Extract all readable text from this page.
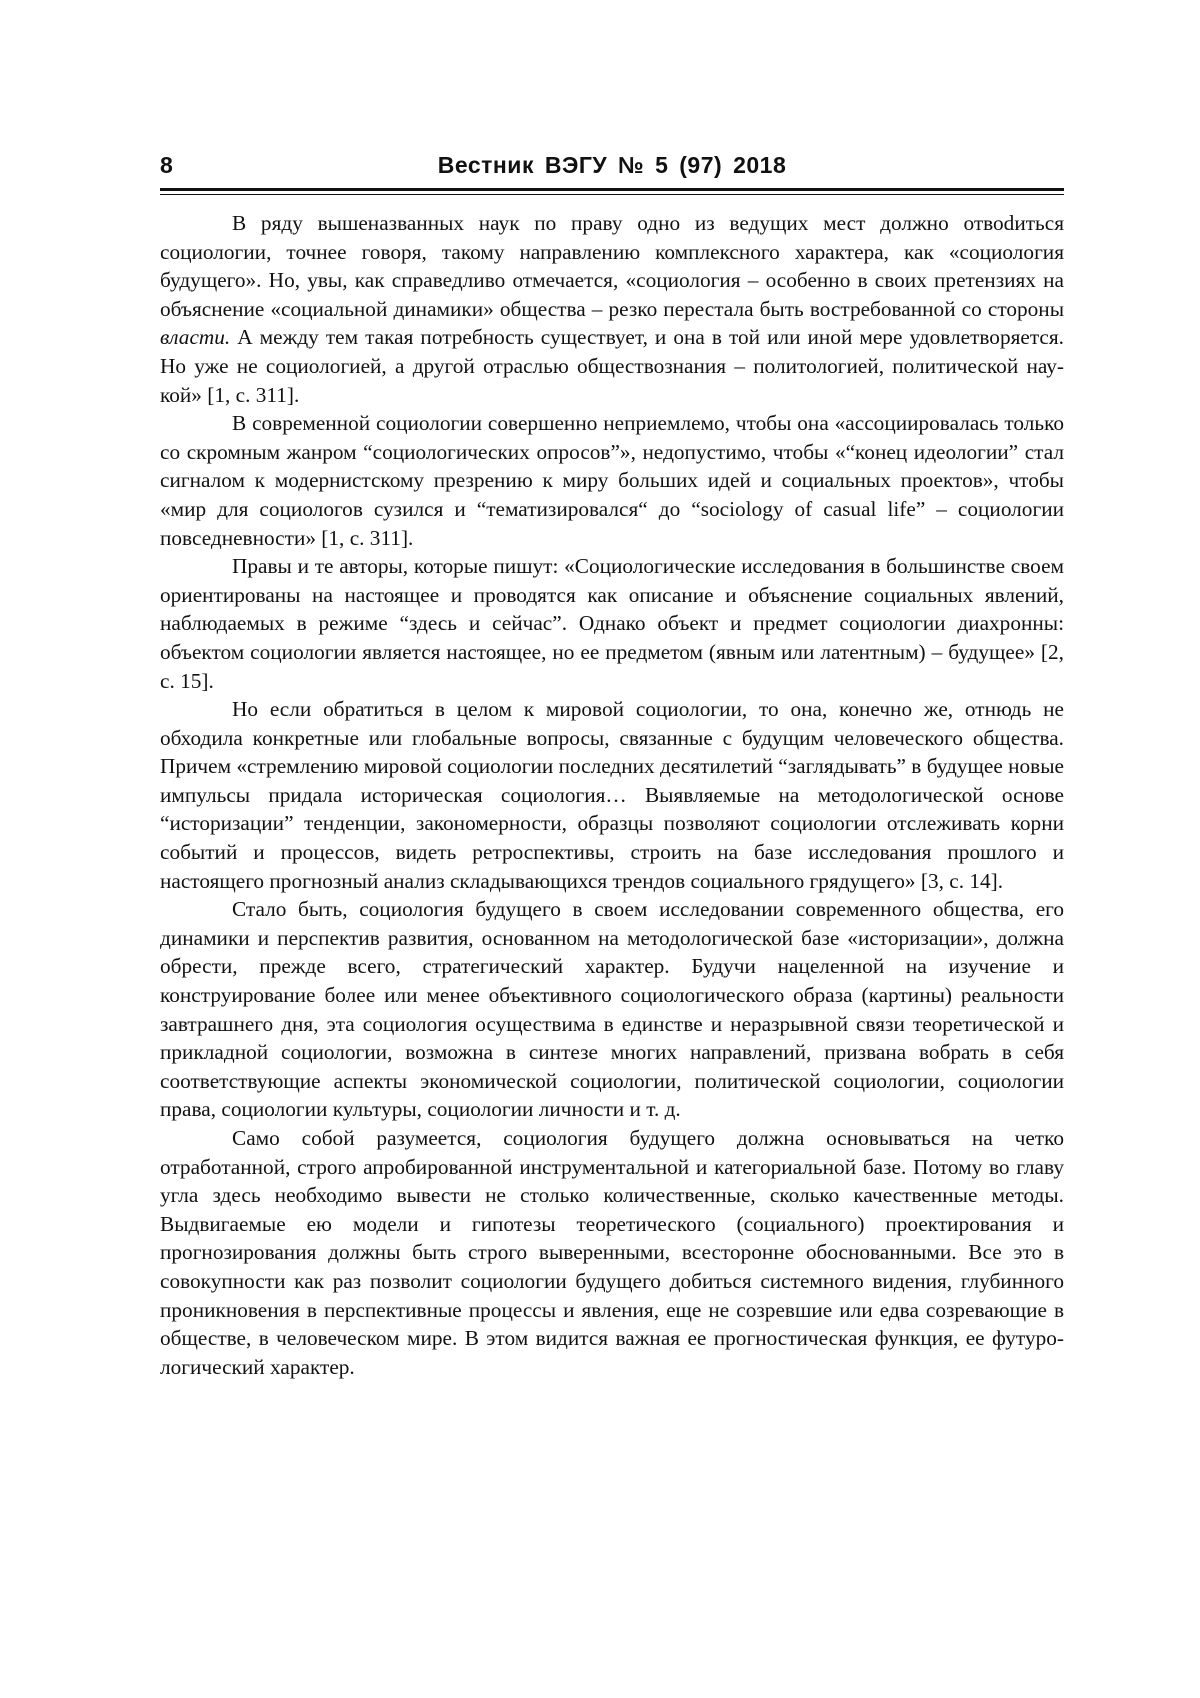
8	Вестник ВЭГУ № 5 (97) 2018

В ряду вышеназванных наук по праву одно из ведущих мест должно отвоdиться социологии, точнее говоря, такому направлению комплексного характера, как «социология будущего». Но, увы, как справедливо отмечается, «социология – особенно в своих претензиях на объяснение «социальной динамики» общества – резко перестала быть востребованной со стороны власти. А между тем такая потребность существует, и она в той или иной мере удовлетворяется. Но уже не социологией, а другой отраслью обществознания – политологией, политической наукой» [1, с. 311].

В современной социологии совершенно неприемлемо, чтобы она «ассоциировалась только со скромным жанром “социологических опросов”», недопустимо, чтобы «“конец идеологии” стал сигналом к модернистскому презрению к миру больших идей и социальных проектов», чтобы «мир для социологов сузился и “тематизировался“ до “sociology of casual life” – социологии повседневности» [1, с. 311].

Правы и те авторы, которые пишут: «Социологические исследования в большинстве своем ориентированы на настоящее и проводятся как описание и объяснение социальных явлений, наблюдаемых в режиме “здесь и сейчас”. Однако объект и предмет социологии диахронны: объектом социологии является настоящее, но ее предметом (явным или латентным) – будущее» [2, с. 15].

Но если обратиться в целом к мировой социологии, то она, конечно же, отнюдь не обходила конкретные или глобальные вопросы, связанные с будущим человеческого общества. Причем «стремлению мировой социологии последних десятилетий “заглядывать” в будущее новые импульсы придала историческая социология… Выявляемые на методологической основе “историзации” тенденции, закономерности, образцы позволяют социологии отслеживать корни событий и процессов, видеть ретроспективы, строить на базе исследования прошлого и настоящего прогнозный анализ складывающихся трендов социального грядущего» [3, с. 14].

Стало быть, социология будущего в своем исследовании современного общества, его динамики и перспектив развития, основанном на методологической базе «историзации», должна обрести, прежде всего, стратегический характер. Будучи нацеленной на изучение и конструирование более или менее объективного социологического образа (картины) реальности завтрашнего дня, эта социология осуществима в единстве и неразрывной связи теоретической и прикладной социологии, возможна в синтезе многих направлений, призвана вобрать в себя соответствующие аспекты экономической социологии, политической социологии, социологии права, социологии культуры, социологии личности и т. д.

Само собой разумеется, социология будущего должна основываться на четко отработанной, строго апробированной инструментальной и категориальной базе. Потому во главу угла здесь необходимо вывести не столько количественные, сколько качественные методы. Выдвигаемые ею модели и гипотезы теоретического (социального) проектирования и прогнозирования должны быть строго выверенными, всесторонне обоснованными. Все это в совокупности как раз позволит социологии будущего добиться системного видения, глубинного проникновения в перспективные процессы и явления, еще не созревшие или едва созревающие в обществе, в человеческом мире. В этом видится важная ее прогностическая функция, ее футурологический характер.
